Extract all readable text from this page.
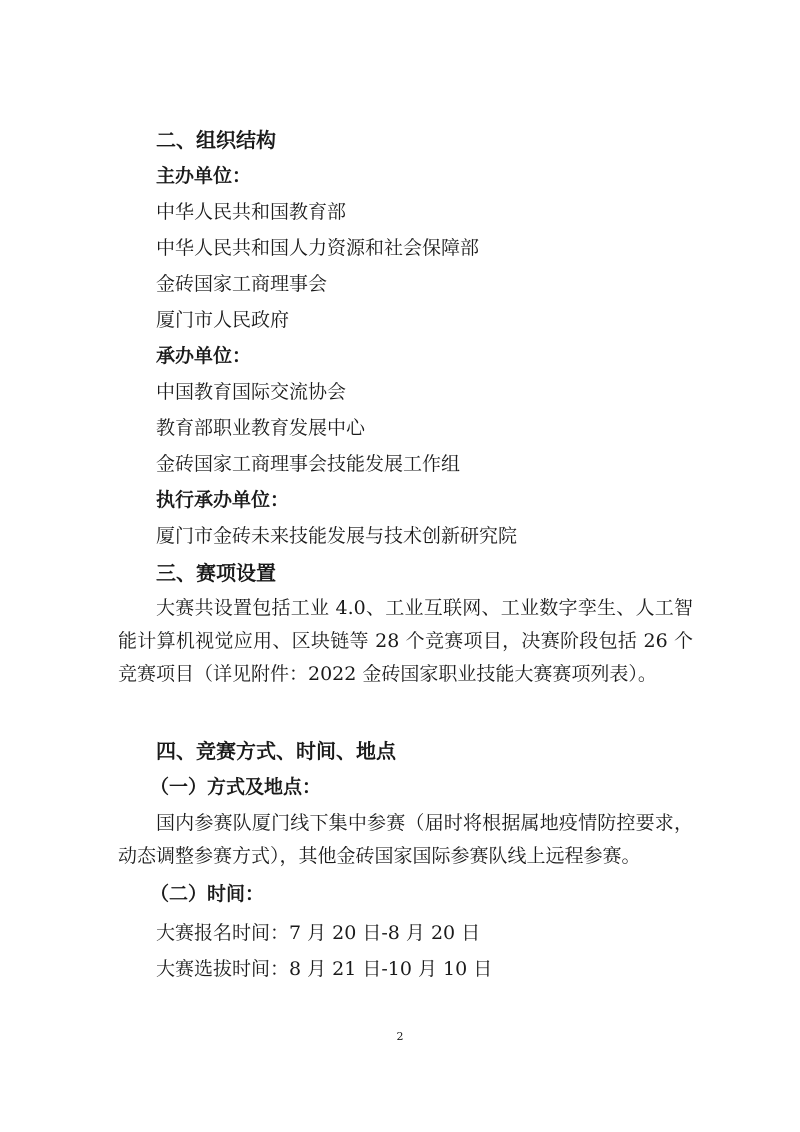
二、组织结构
主办单位：
中华人民共和国教育部
中华人民共和国人力资源和社会保障部
金砖国家工商理事会
厦门市人民政府
承办单位：
中国教育国际交流协会
教育部职业教育发展中心
金砖国家工商理事会技能发展工作组
执行承办单位：
厦门市金砖未来技能发展与技术创新研究院
三、赛项设置
大赛共设置包括工业 4.0、工业互联网、工业数字孪生、人工智能计算机视觉应用、区块链等 28 个竞赛项目，决赛阶段包括 26 个竞赛项目（详见附件：2022 金砖国家职业技能大赛赛项列表）。
四、竞赛方式、时间、地点
（一）方式及地点：
国内参赛队厦门线下集中参赛（届时将根据属地疫情防控要求，动态调整参赛方式），其他金砖国家国际参赛队线上远程参赛。
（二）时间：
大赛报名时间：7 月 20 日-8 月 20 日
大赛选拔时间：8 月 21 日-10 月 10 日
2
